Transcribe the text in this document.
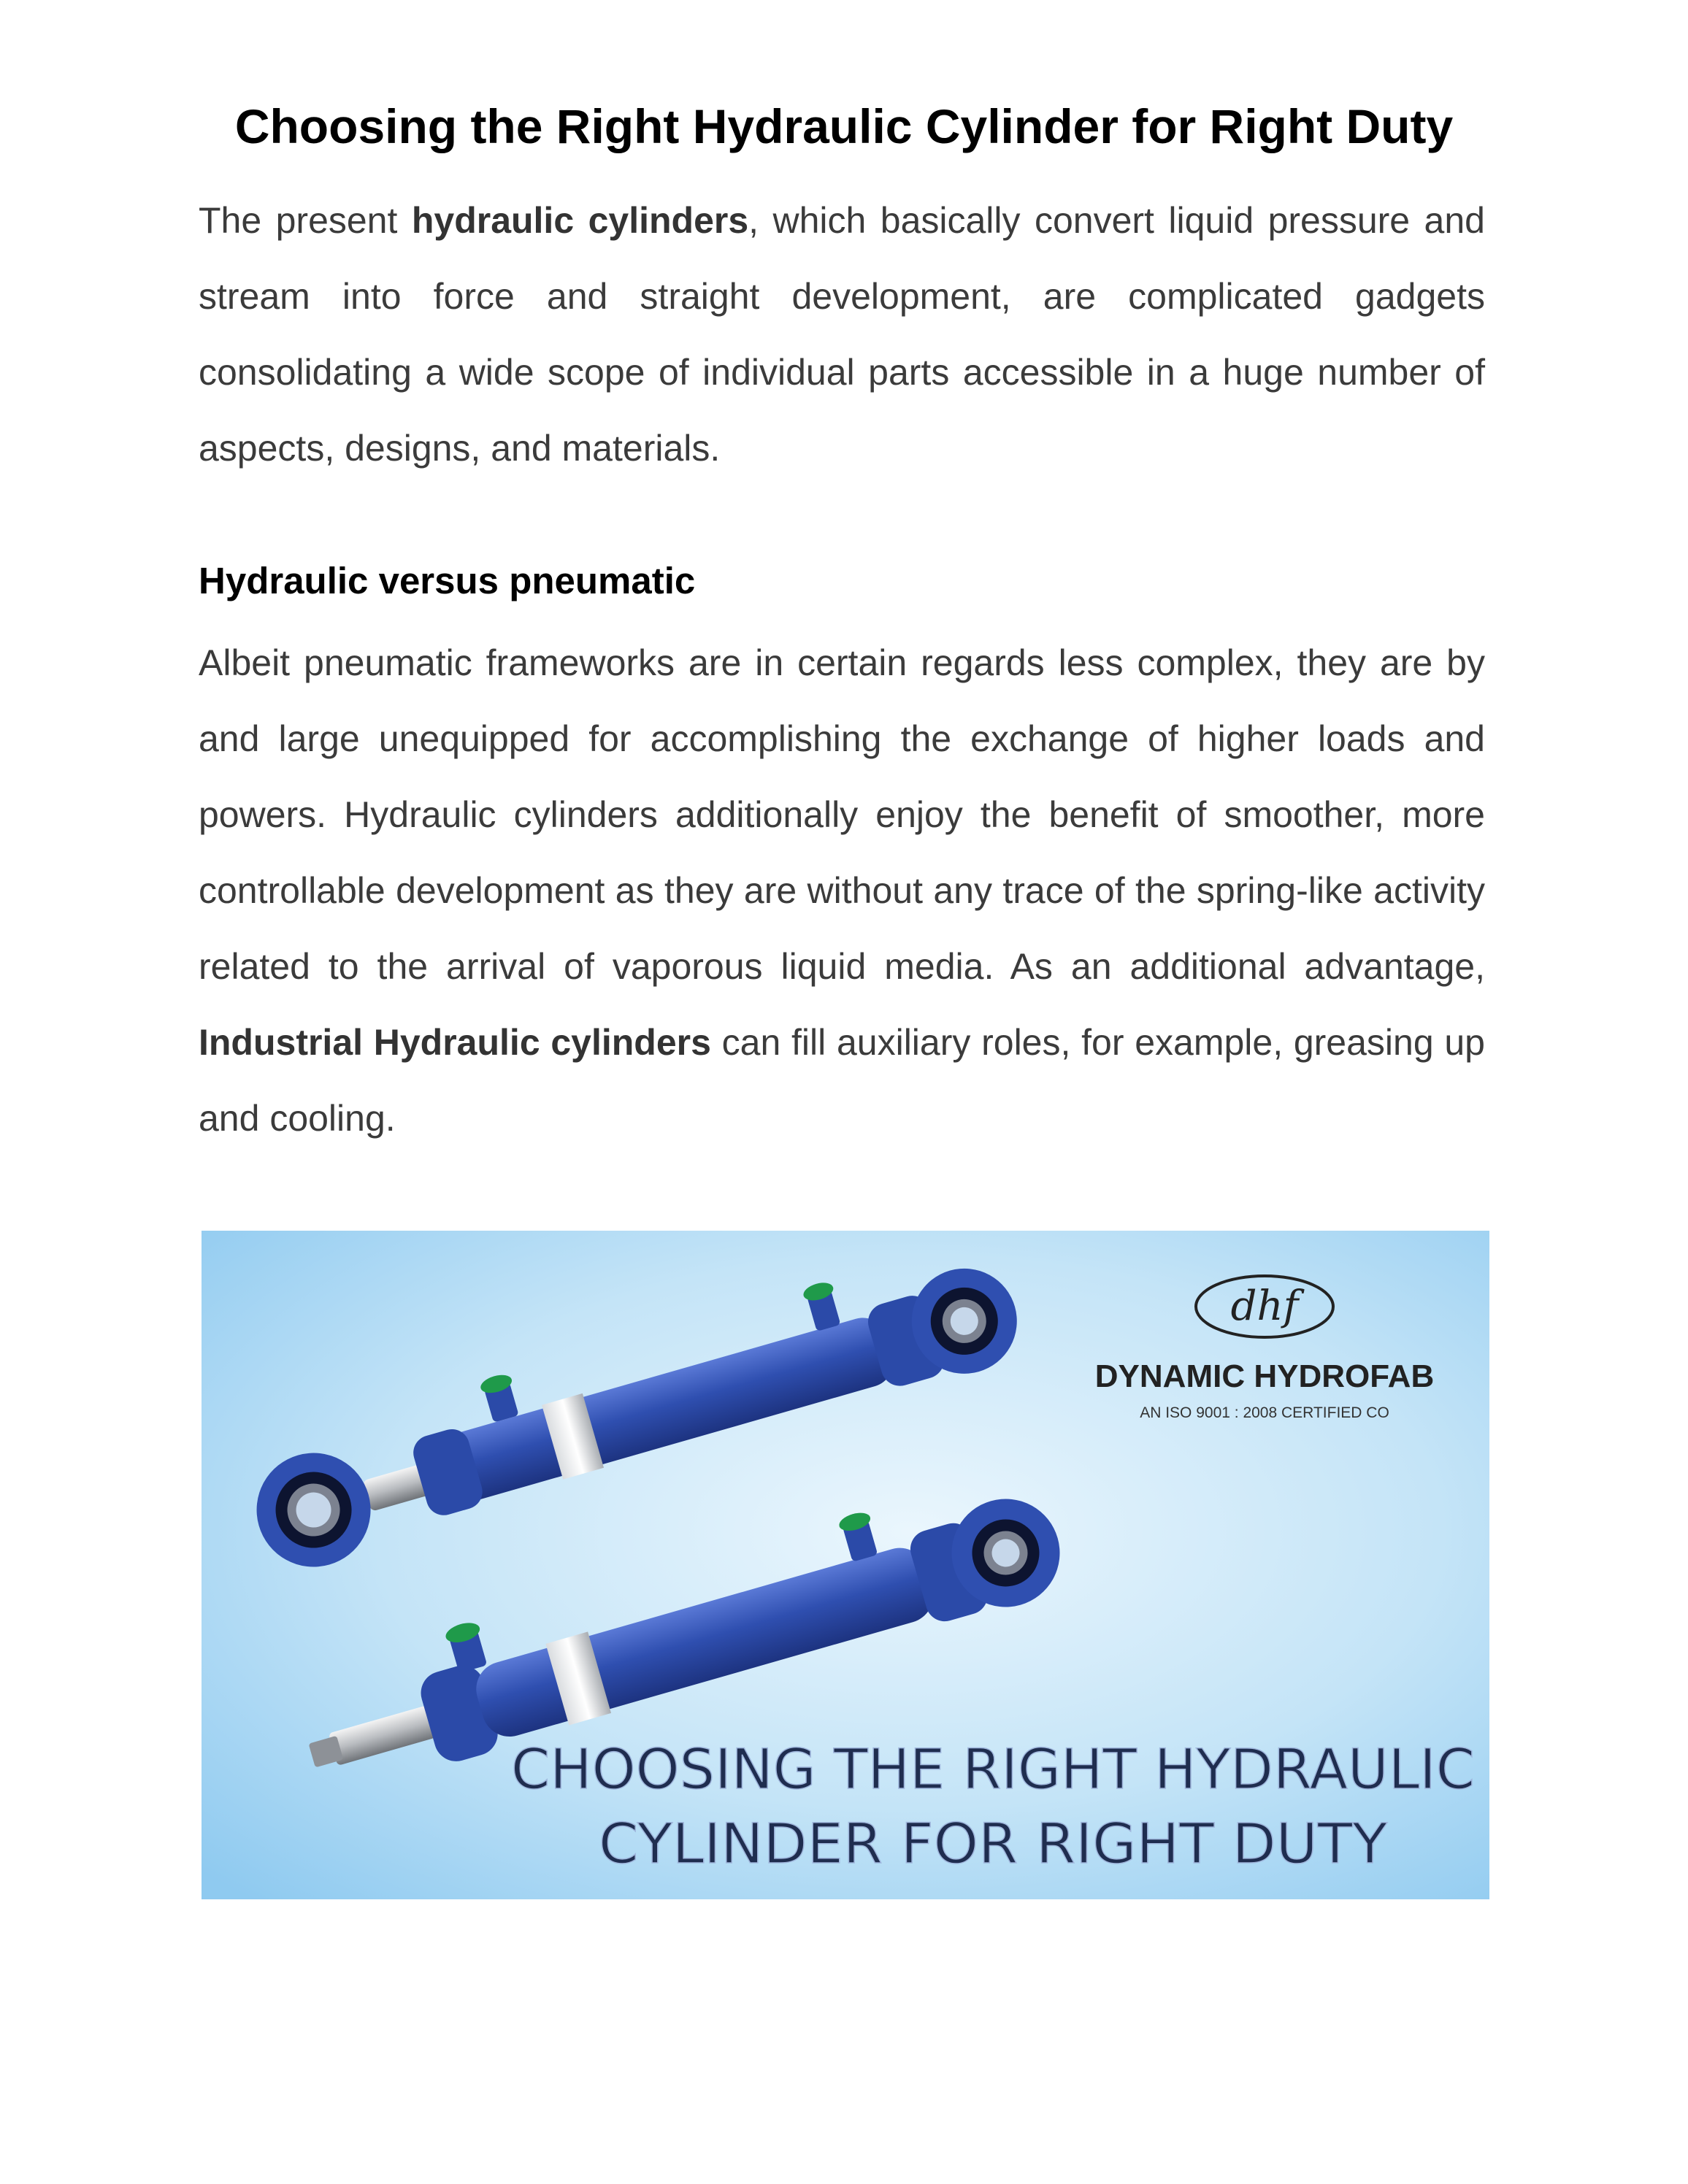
Choosing the Right Hydraulic Cylinder for Right Duty

The present hydraulic cylinders, which basically convert liquid pressure and stream into force and straight development, are complicated gadgets consolidating a wide scope of individual parts accessible in a huge number of aspects, designs, and materials.

Hydraulic versus pneumatic

Albeit pneumatic frameworks are in certain regards less complex, they are by and large unequipped for accomplishing the exchange of higher loads and powers. Hydraulic cylinders additionally enjoy the benefit of smoother, more controllable development as they are without any trace of the spring-like activity related to the arrival of vaporous liquid media. As an additional advantage, Industrial Hydraulic cylinders can fill auxiliary roles, for example, greasing up and cooling.

dhf
DYNAMIC HYDROFAB
AN ISO 9001 : 2008 CERTIFIED CO
CHOOSING THE RIGHT HYDRAULIC
CYLINDER FOR RIGHT DUTY
